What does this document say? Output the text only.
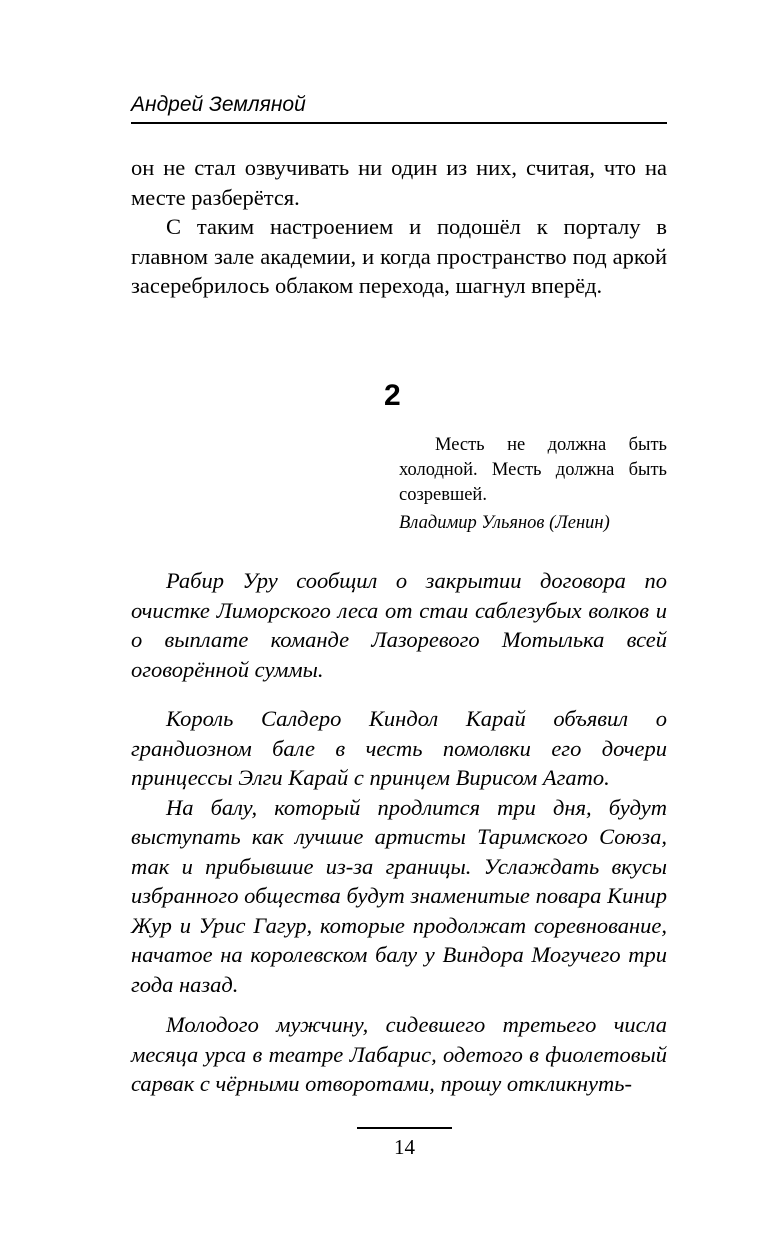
Андрей Земляной

он не стал озвучивать ни один из них, считая, что на месте разберётся.

С таким настроением и подошёл к порталу в главном зале академии, и когда пространство под аркой засеребрилось облаком перехода, шагнул вперёд.

2

Месть не должна быть холодной. Месть должна быть созревшей.

Владимир Ульянов (Ленин)

Рабир Уру сообщил о закрытии договора по очистке Лиморского леса от стаи саблезубых волков и о выплате команде Лазоревого Мотылька всей оговорённой суммы.

Король Салдеро Киндол Карай объявил о грандиозном бале в честь помолвки его дочери принцессы Элги Карай с принцем Вирисом Агато.

На балу, который продлится три дня, будут выступать как лучшие артисты Таримского Союза, так и прибывшие из-за границы. Услаждать вкусы избранного общества будут знаменитые повара Кинир Жур и Урис Гагур, которые продолжат соревнование, начатое на королевском балу у Виндора Могучего три года назад.

Молодого мужчину, сидевшего третьего числа месяца урса в театре Лабарис, одетого в фиолетовый сарвак с чёрными отворотами, прошу откликнуть-

14
